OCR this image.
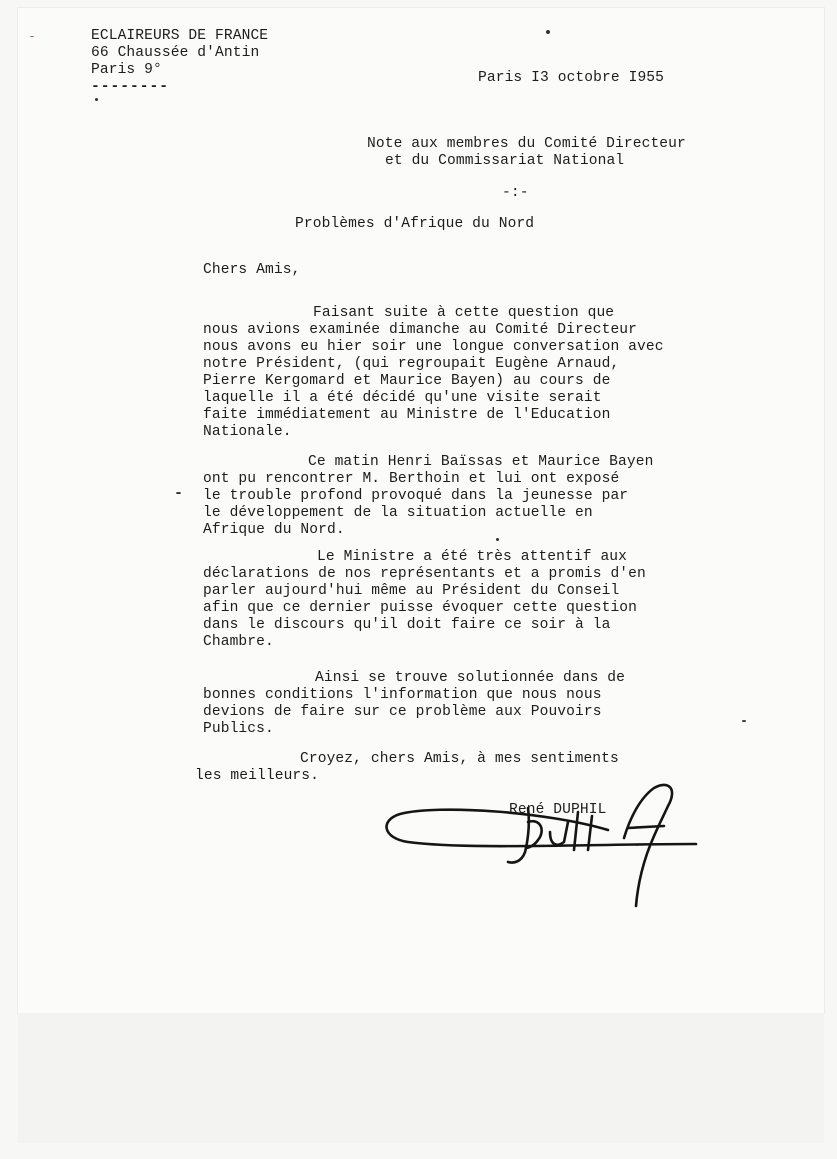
ECLAIREURS DE FRANCE
66 Chaussée d'Antin
Paris 9°
--------
Paris I3 octobre I955
Note aux membres du Comité Directeur
et du Commissariat National
-:-
Problèmes d'Afrique du Nord
Chers Amis,
Faisant suite à cette question que
nous avions examinée dimanche au Comité Directeur
nous avons eu hier soir une longue conversation avec
notre Président, (qui regroupait Eugène Arnaud,
Pierre Kergomard et Maurice Bayen) au cours de
laquelle il a été décidé qu'une visite serait
faite immédiatement au Ministre de l'Education
Nationale.
Ce matin Henri Baïssas et Maurice Bayen
ont pu rencontrer M. Berthoin et lui ont exposé
le trouble profond provoqué dans la jeunesse par
le développement de la situation actuelle en
Afrique du Nord.
Le Ministre a été très attentif aux
déclarations de nos représentants et a promis d'en
parler aujourd'hui même au Président du Conseil
afin que ce dernier puisse évoquer cette question
dans le discours qu'il doit faire ce soir à la
Chambre.
Ainsi se trouve solutionnée dans de
bonnes conditions l'information que nous nous
devions de faire sur ce problème aux Pouvoirs
Publics.
Croyez, chers Amis, à mes sentiments
les meilleurs.
René DUPHIL
